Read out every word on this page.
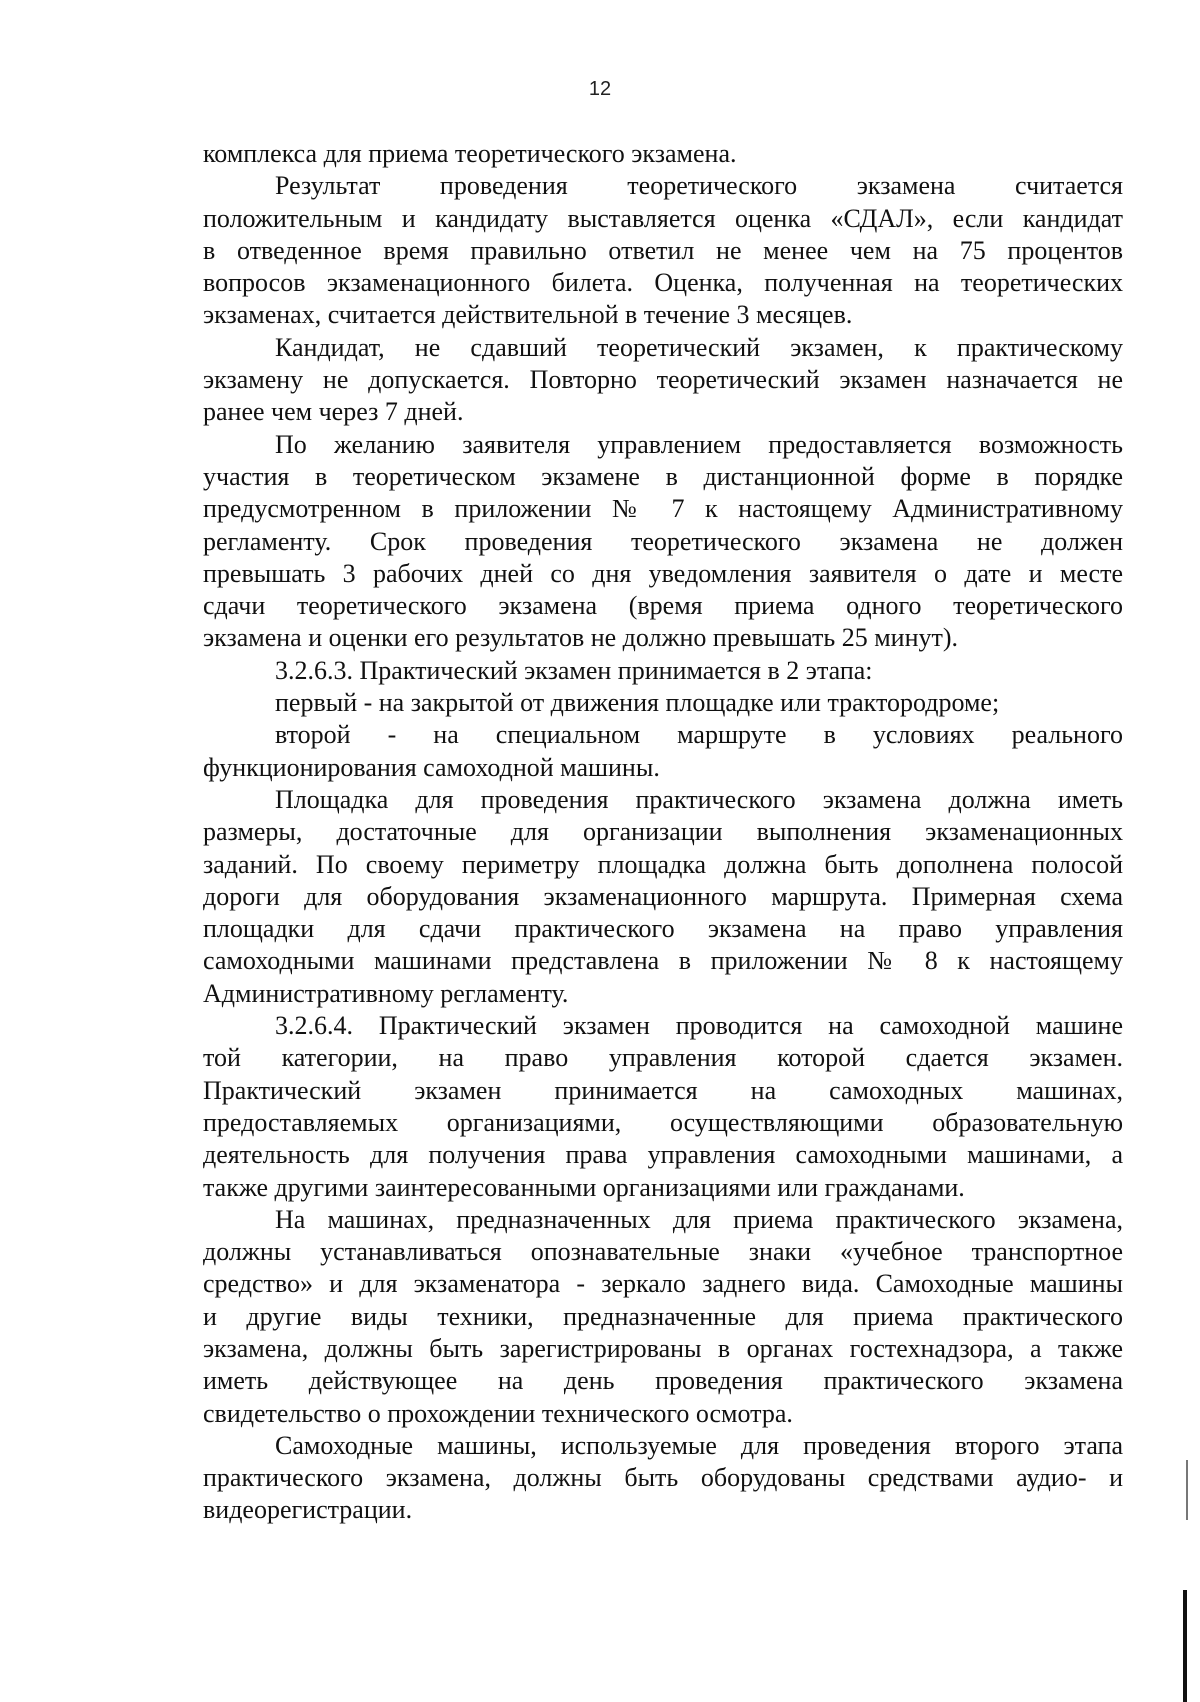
12
комплекса для приема теоретического экзамена.
Результат проведения теоретического экзамена считается
положительным и кандидату выставляется оценка «СДАЛ», если кандидат
в отведенное время правильно ответил не менее чем на 75 процентов
вопросов экзаменационного билета. Оценка, полученная на теоретических
экзаменах, считается действительной в течение 3 месяцев.
Кандидат, не сдавший теоретический экзамен, к практическому
экзамену не допускается. Повторно теоретический экзамен назначается не
ранее чем через 7 дней.
По желанию заявителя управлением предоставляется возможность
участия в теоретическом экзамене в дистанционной форме в порядке
предусмотренном в приложении № 7 к настоящему Административному
регламенту. Срок проведения теоретического экзамена не должен
превышать 3 рабочих дней со дня уведомления заявителя о дате и месте
сдачи теоретического экзамена (время приема одного теоретического
экзамена и оценки его результатов не должно превышать 25 минут).
3.2.6.3. Практический экзамен принимается в 2 этапа:
первый - на закрытой от движения площадке или трактородроме;
второй - на специальном маршруте в условиях реального
функционирования самоходной машины.
Площадка для проведения практического экзамена должна иметь
размеры, достаточные для организации выполнения экзаменационных
заданий. По своему периметру площадка должна быть дополнена полосой
дороги для оборудования экзаменационного маршрута. Примерная схема
площадки для сдачи практического экзамена на право управления
самоходными машинами представлена в приложении № 8 к настоящему
Административному регламенту.
3.2.6.4. Практический экзамен проводится на самоходной машине
той категории, на право управления которой сдается экзамен.
Практический экзамен принимается на самоходных машинах,
предоставляемых организациями, осуществляющими образовательную
деятельность для получения права управления самоходными машинами, а
также другими заинтересованными организациями или гражданами.
На машинах, предназначенных для приема практического экзамена,
должны устанавливаться опознавательные знаки «учебное транспортное
средство» и для экзаменатора - зеркало заднего вида. Самоходные машины
и другие виды техники, предназначенные для приема практического
экзамена, должны быть зарегистрированы в органах гостехнадзора, а также
иметь действующее на день проведения практического экзамена
свидетельство о прохождении технического осмотра.
Самоходные машины, используемые для проведения второго этапа
практического экзамена, должны быть оборудованы средствами аудио- и
видеорегистрации.
